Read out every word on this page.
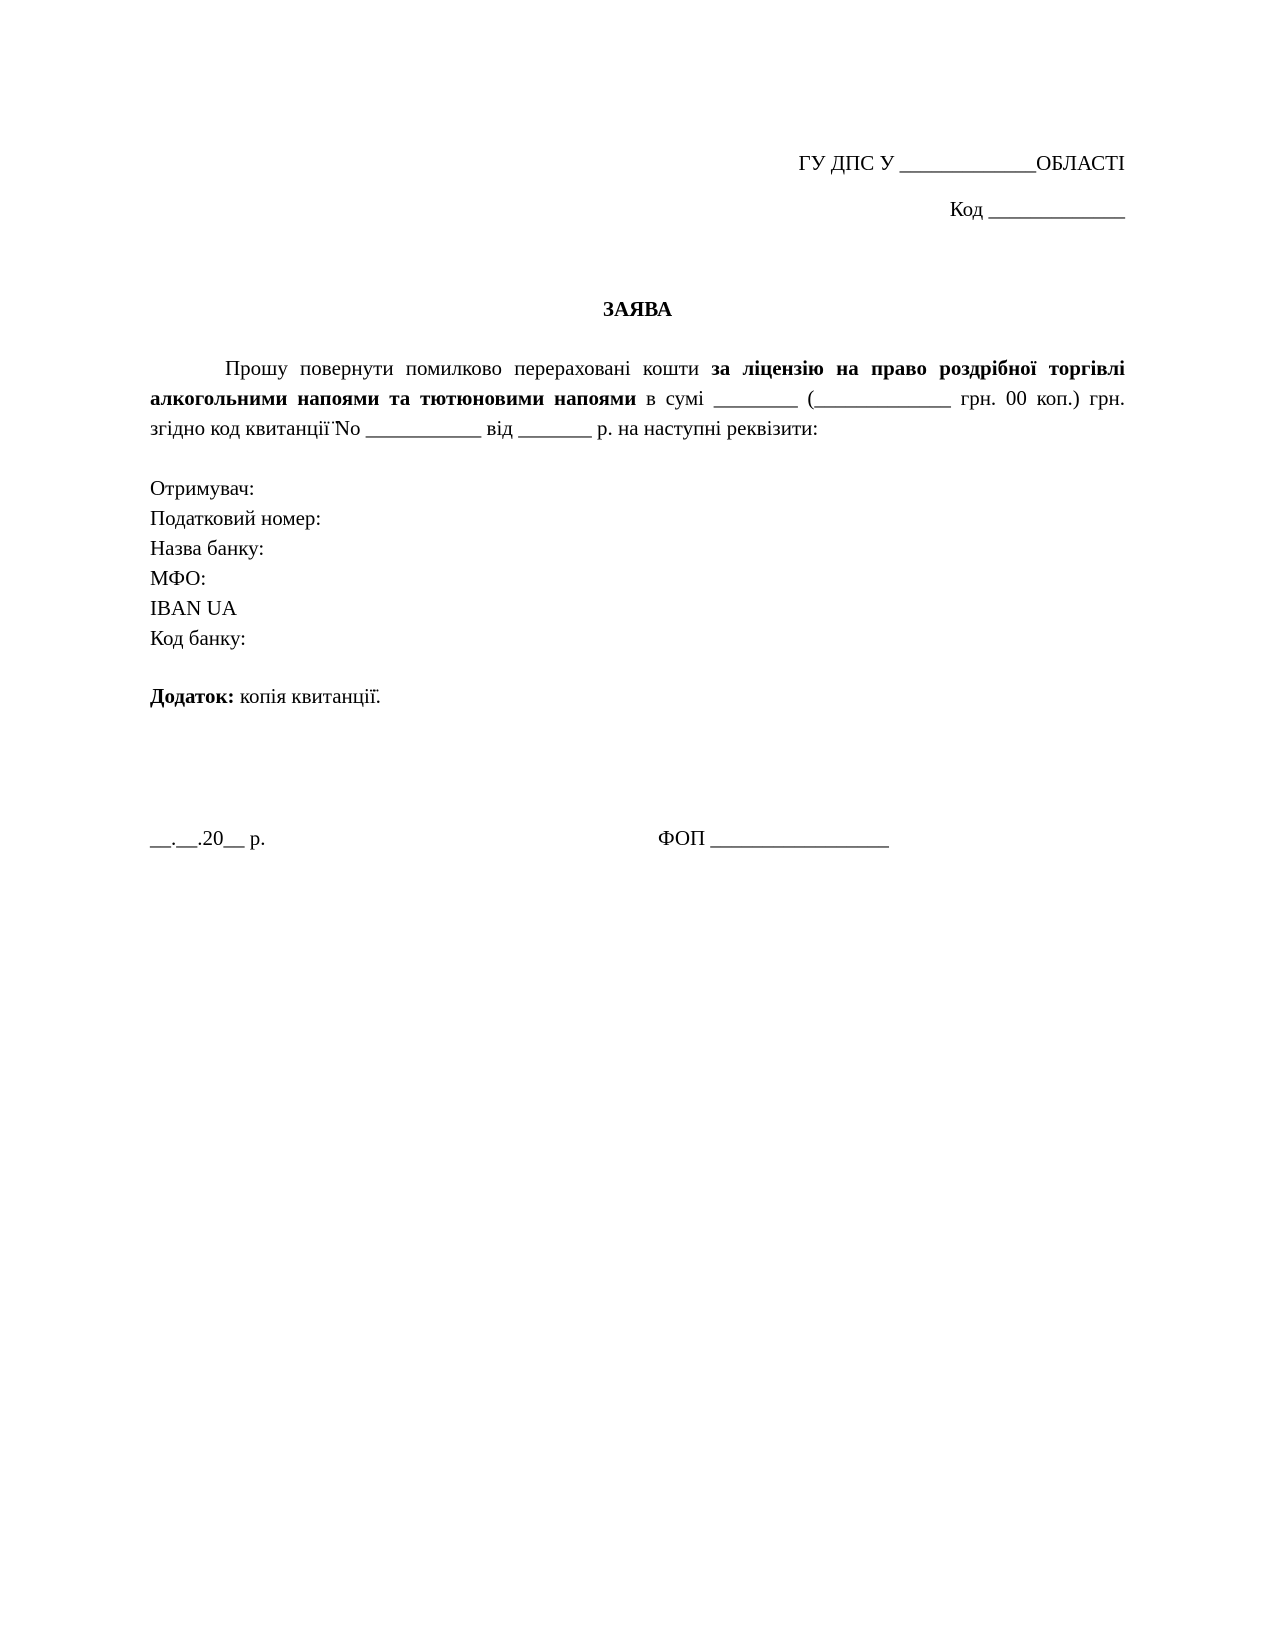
ГУ ДПС У _____________ОБЛАСТІ
Код _____________
ЗАЯВА
Прошу повернути помилково перераховані кошти за ліцензію на право роздрібної торгівлі алкогольними напоями та тютюновими напоями в сумі ________ (_____________ грн. 00 коп.) грн. згідно код квитанції ̈No ___________ від _______ р. на наступні реквізити:
Отримувач:
Податковий номер:
Назва банку:
МФО:
IBAN UA
Код банку:
Додаток: копія квитанції̈.
__.__.20__ р.	ФОП _________________
